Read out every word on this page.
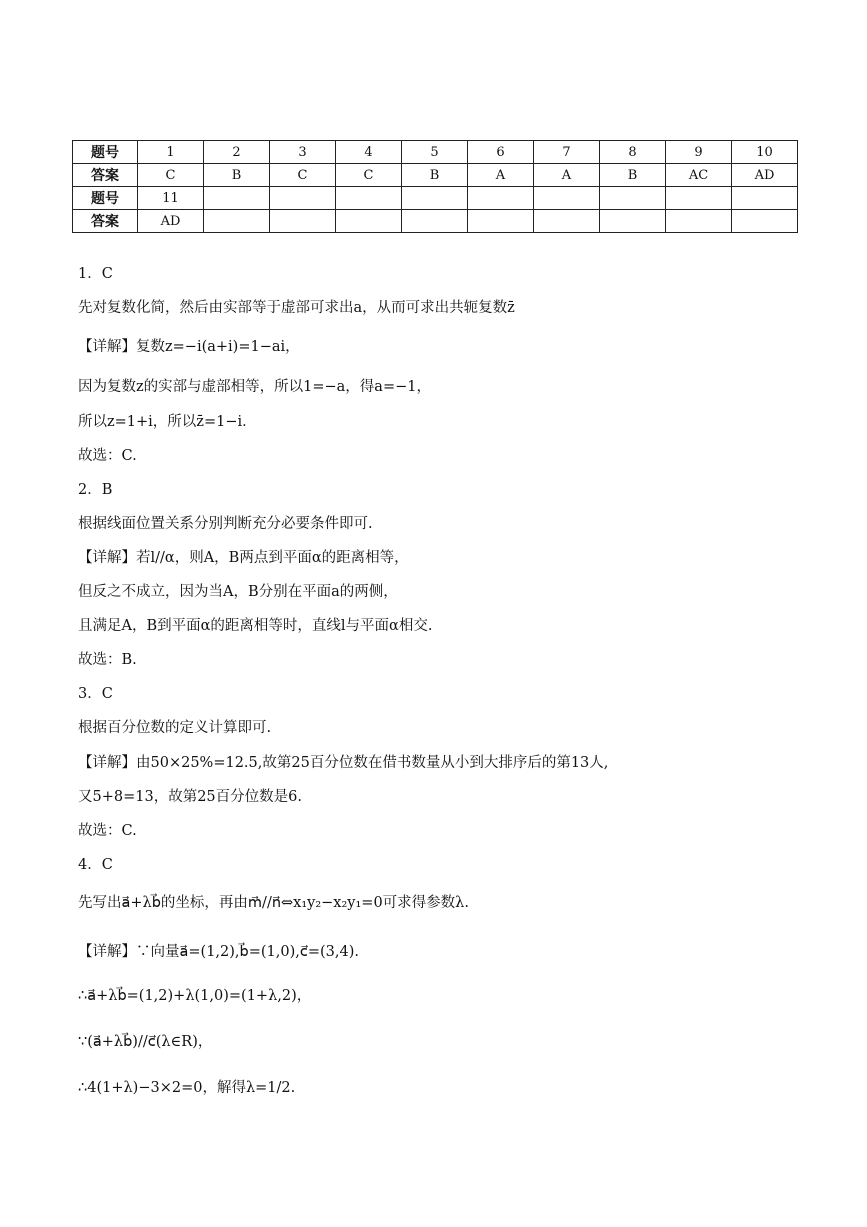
题号	1	2	3	4	5	6	7	8	9	10
答案	C	B	C	C	B	A	A	B	AC	AD
题号	11									
答案	AD									
1．C
先对复数化简，然后由实部等于虚部可求出a，从而可求出共轭复数z̄
【详解】复数z=−i(a+i)=1−ai，
因为复数z的实部与虚部相等，所以1=−a，得a=−1，
所以z=1+i，所以z̄=1−i．
故选：C.
2．B
根据线面位置关系分别判断充分必要条件即可.
【详解】若l//α，则A，B两点到平面α的距离相等，
但反之不成立，因为当A，B分别在平面a的两侧，
且满足A，B到平面α的距离相等时，直线l与平面α相交.
故选：B.
3．C
根据百分位数的定义计算即可.
【详解】由50×25%=12.5,故第25百分位数在借书数量从小到大排序后的第13人,
又5+8=13，故第25百分位数是6.
故选：C.
4．C
先写出a⃗+λb⃗的坐标，再由m⃗//n⃗⇔x₁y₂−x₂y₁=0可求得参数λ.
【详解】∵向量a⃗=(1,2),b⃗=(1,0),c⃗=(3,4).
∴a⃗+λb⃗=(1,2)+λ(1,0)=(1+λ,2)，
∵(a⃗+λb⃗)//c⃗(λ∈R)，
∴4(1+λ)−3×2=0，解得λ=1/2.
